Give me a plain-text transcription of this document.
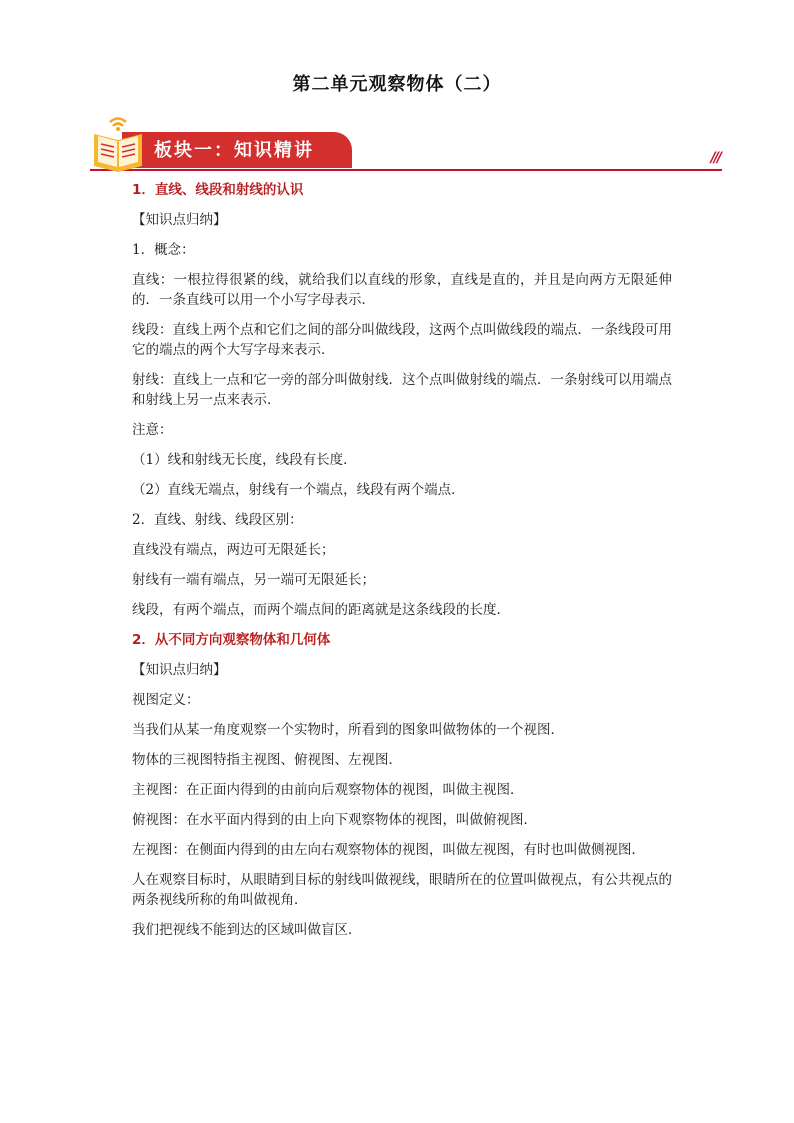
第二单元观察物体（二）
板块一：知识精讲	///

1．直线、线段和射线的认识

【知识点归纳】

1．概念：

直线：一根拉得很紧的线，就给我们以直线的形象，直线是直的，并且是向两方无限延伸的．一条直线可以用一个小写字母表示．

线段：直线上两个点和它们之间的部分叫做线段，这两个点叫做线段的端点．一条线段可用它的端点的两个大写字母来表示．

射线：直线上一点和它一旁的部分叫做射线．这个点叫做射线的端点．一条射线可以用端点和射线上另一点来表示．

注意：

（1）线和射线无长度，线段有长度．

（2）直线无端点，射线有一个端点，线段有两个端点．

2．直线、射线、线段区别：

直线没有端点，两边可无限延长；

射线有一端有端点，另一端可无限延长；

线段，有两个端点，而两个端点间的距离就是这条线段的长度．

2．从不同方向观察物体和几何体

【知识点归纳】

视图定义：

当我们从某一角度观察一个实物时，所看到的图象叫做物体的一个视图．

物体的三视图特指主视图、俯视图、左视图．

主视图：在正面内得到的由前向后观察物体的视图，叫做主视图．

俯视图：在水平面内得到的由上向下观察物体的视图，叫做俯视图．

左视图：在侧面内得到的由左向右观察物体的视图，叫做左视图，有时也叫做侧视图．

人在观察目标时，从眼睛到目标的射线叫做视线，眼睛所在的位置叫做视点，有公共视点的两条视线所称的角叫做视角．

我们把视线不能到达的区域叫做盲区．
